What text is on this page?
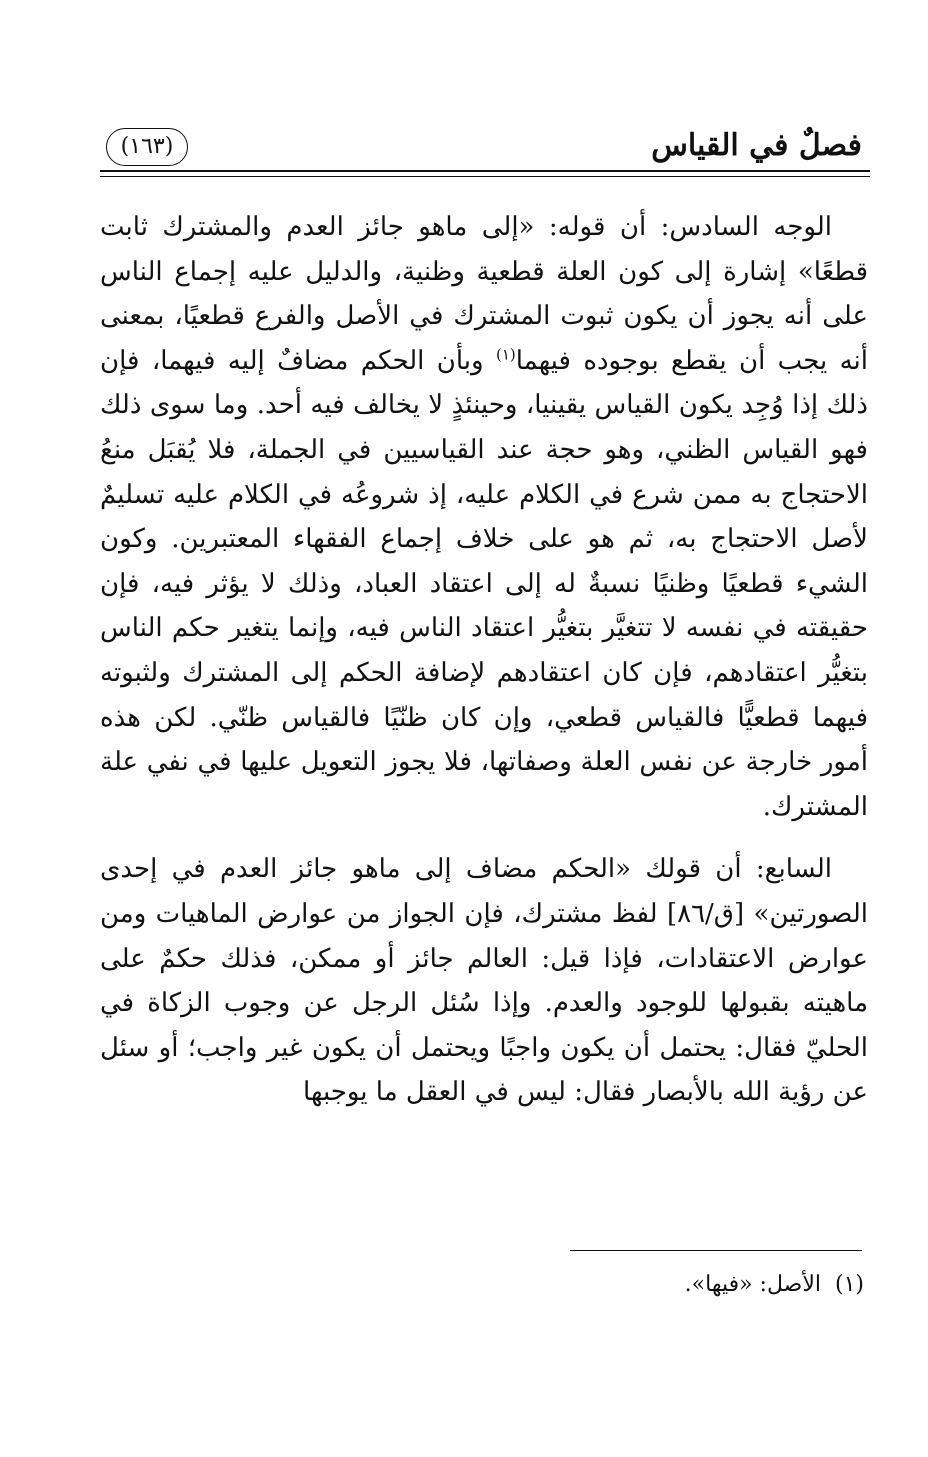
فصلٌ في القياس
(١٦٣)

الوجه السادس: أن قوله: «إلى ماهو جائز العدم والمشترك ثابت قطعًا» إشارة إلى كون العلة قطعية وظنية، والدليل عليه إجماع الناس على أنه يجوز أن يكون ثبوت المشترك في الأصل والفرع قطعيًا، بمعنى أنه يجب أن يقطع بوجوده فيهما$^{(١)}$ وبأن الحكم مضافٌ إليه فيهما، فإن ذلك إذا وُجِد يكون القياس يقينيا، وحينئذٍ لا يخالف فيه أحد. وما سوى ذلك فهو القياس الظني، وهو حجة عند القياسيين في الجملة، فلا يُقبَل منعُ الاحتجاج به ممن شرع في الكلام عليه، إذ شروعُه في الكلام عليه تسليمٌ لأصل الاحتجاج به، ثم هو على خلاف إجماع الفقهاء المعتبرين. وكون الشيء قطعيًا وظنيًا نسبةٌ له إلى اعتقاد العباد، وذلك لا يؤثر فيه، فإن حقيقته في نفسه لا تتغيَّر بتغيُّر اعتقاد الناس فيه، وإنما يتغير حكم الناس بتغيُّر اعتقادهم، فإن كان اعتقادهم لإضافة الحكم إلى المشترك ولثبوته فيهما قطعيًّا فالقياس قطعي، وإن كان ظنّيًا فالقياس ظنّي. لكن هذه أمور خارجة عن نفس العلة وصفاتها، فلا يجوز التعويل عليها في نفي علة المشترك.

السابع: أن قولك «الحكم مضاف إلى ماهو جائز العدم في إحدى الصورتين» [ق/٨٦] لفظ مشترك، فإن الجواز من عوارض الماهيات ومن عوارض الاعتقادات، فإذا قيل: العالم جائز أو ممكن، فذلك حكمٌ على ماهيته بقبولها للوجود والعدم. وإذا سُئل الرجل عن وجوب الزكاة في الحليّ فقال: يحتمل أن يكون واجبًا ويحتمل أن يكون غير واجب؛ أو سئل عن رؤية الله بالأبصار فقال: ليس في العقل ما يوجبها

(١)الأصل: «فيها».
